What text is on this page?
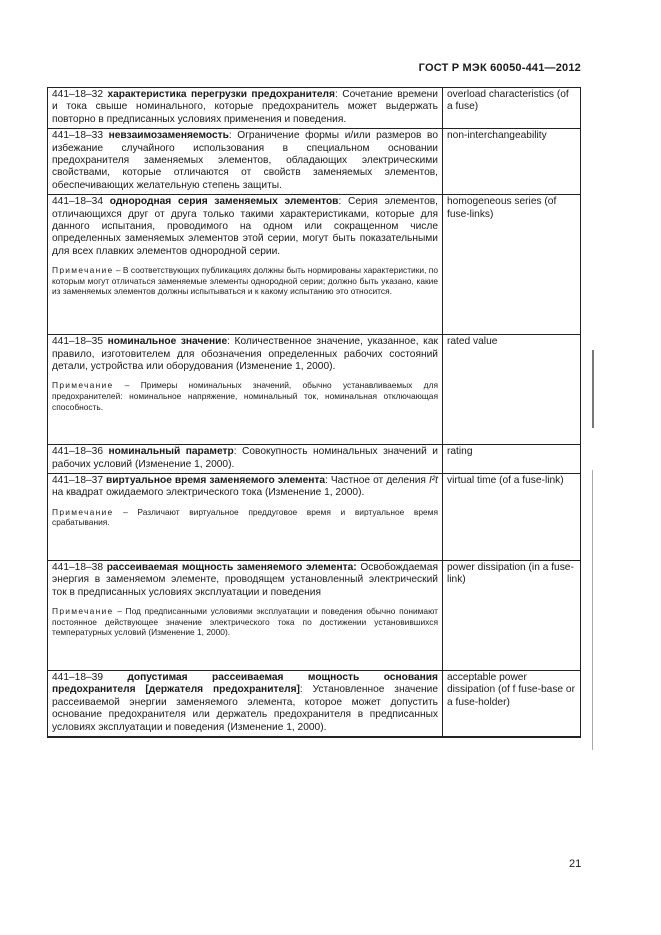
ГОСТ Р МЭК 60050-441—2012
441–18–32 характеристика перегрузки предохранителя: Сочетание времени и тока свыше номинального, которые предохранитель может выдержать повторно в предписанных условиях применения и поведения.	overload characteristics (of a fuse)
441–18–33 невзаимозаменяемость: Ограничение формы и/или размеров во избежание случайного использования в специальном основании предохранителя заменяемых элементов, обладающих электрическими свойствами, которые отличаются от свойств заменяемых элементов, обеспечивающих желательную степень защиты.	non-interchangeability

441–18–34 однородная серия заменяемых элементов: Серия элементов, отличающихся друг от друга только такими характеристиками, которые для данного испытания, проводимого на одном или сокращенном числе определенных заменяемых элементов этой серии, могут быть показательными для всех плавких элементов однородной серии.

Примечание – В соответствующих публикациях должны быть нормированы характеристики, по которым могут отличаться заменяемые элементы однородной серии; должно быть указано, какие из заменяемых элементов должны испытываться и к какому испытанию это относится.	homogeneous series (of fuse-links)

441–18–35 номинальное значение: Количественное значение, указанное, как правило, изготовителем для обозначения определенных рабочих состояний детали, устройства или оборудования (Изменение 1, 2000).

Примечание – Примеры номинальных значений, обычно устанавливаемых для предохранителей: номинальное напряжение, номинальный ток, номинальная отключающая способность.	rated value
441–18–36 номинальный параметр: Совокупность номинальных значений и рабочих условий (Изменение 1, 2000).	rating

441–18–37 виртуальное время заменяемого элемента: Частное от деления I²t на квадрат ожидаемого электрического тока (Изменение 1, 2000).

Примечание – Различают виртуальное преддуговое время и виртуальное время срабатывания.	virtual time (of a fuse-link)

441–18–38 рассеиваемая мощность заменяемого элемента: Освобождаемая энергия в заменяемом элементе, проводящем установленный электрический ток в предписанных условиях эксплуатации и поведения

Примечание – Под предписанными условиями эксплуатации и поведения обычно понимают постоянное действующее значение электрического тока по достижении установившихся температурных условий (Изменение 1, 2000).	power dissipation (in a fuse-link)
441–18–39 допустимая рассеиваемая мощность основания предохранителя [держателя предохранителя]: Установленное значение рассеиваемой энергии заменяемого элемента, которое может допустить основание предохранителя или держатель предохранителя в предписанных условиях эксплуатации и поведения (Изменение 1, 2000).	acceptable power dissipation (of f fuse-base or a fuse-holder)
21
